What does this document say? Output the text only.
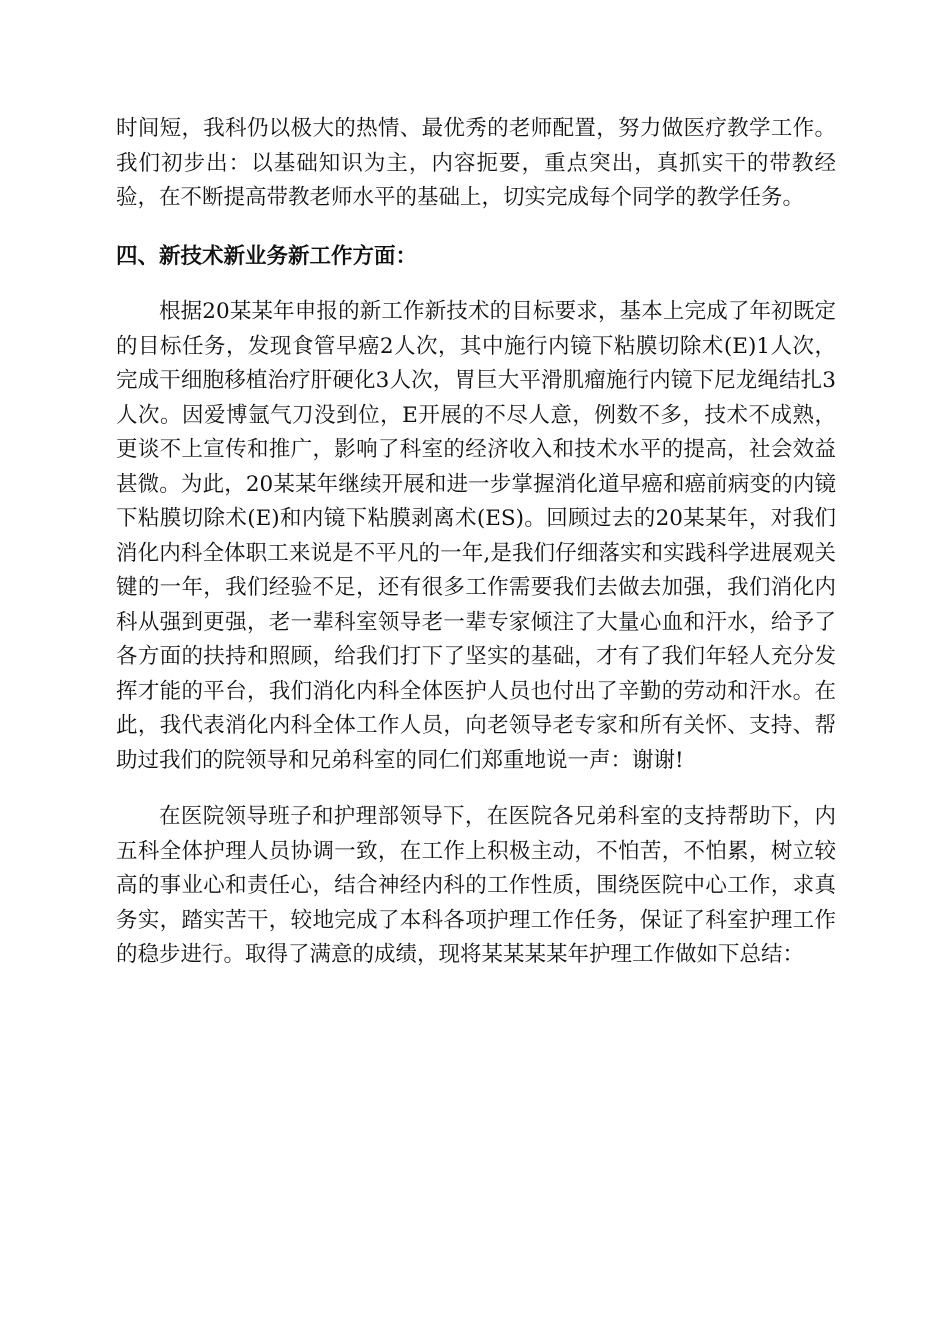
时间短，我科仍以极大的热情、最优秀的老师配置，努力做医疗教学工作。我们初步出：以基础知识为主，内容扼要，重点突出，真抓实干的带教经验，在不断提高带教老师水平的基础上，切实完成每个同学的教学任务。

四、新技术新业务新工作方面：

根据20某某年申报的新工作新技术的目标要求，基本上完成了年初既定的目标任务，发现食管早癌2人次，其中施行内镜下粘膜切除术(E)1人次，完成干细胞移植治疗肝硬化3人次，胃巨大平滑肌瘤施行内镜下尼龙绳结扎3人次。因爱博氩气刀没到位，E开展的不尽人意，例数不多，技术不成熟，更谈不上宣传和推广，影响了科室的经济收入和技术水平的提高，社会效益甚微。为此，20某某年继续开展和进一步掌握消化道早癌和癌前病变的内镜下粘膜切除术(E)和内镜下粘膜剥离术(ES)。回顾过去的20某某年，对我们消化内科全体职工来说是不平凡的一年,是我们仔细落实和实践科学进展观关键的一年，我们经验不足，还有很多工作需要我们去做去加强，我们消化内科从强到更强，老一辈科室领导老一辈专家倾注了大量心血和汗水，给予了各方面的扶持和照顾，给我们打下了坚实的基础，才有了我们年轻人充分发挥才能的平台，我们消化内科全体医护人员也付出了辛勤的劳动和汗水。在此，我代表消化内科全体工作人员，向老领导老专家和所有关怀、支持、帮助过我们的院领导和兄弟科室的同仁们郑重地说一声：谢谢!

在医院领导班子和护理部领导下，在医院各兄弟科室的支持帮助下，内五科全体护理人员协调一致，在工作上积极主动，不怕苦，不怕累，树立较高的事业心和责任心，结合神经内科的工作性质，围绕医院中心工作，求真务实，踏实苦干，较地完成了本科各项护理工作任务，保证了科室护理工作的稳步进行。取得了满意的成绩，现将某某某某年护理工作做如下总结：
